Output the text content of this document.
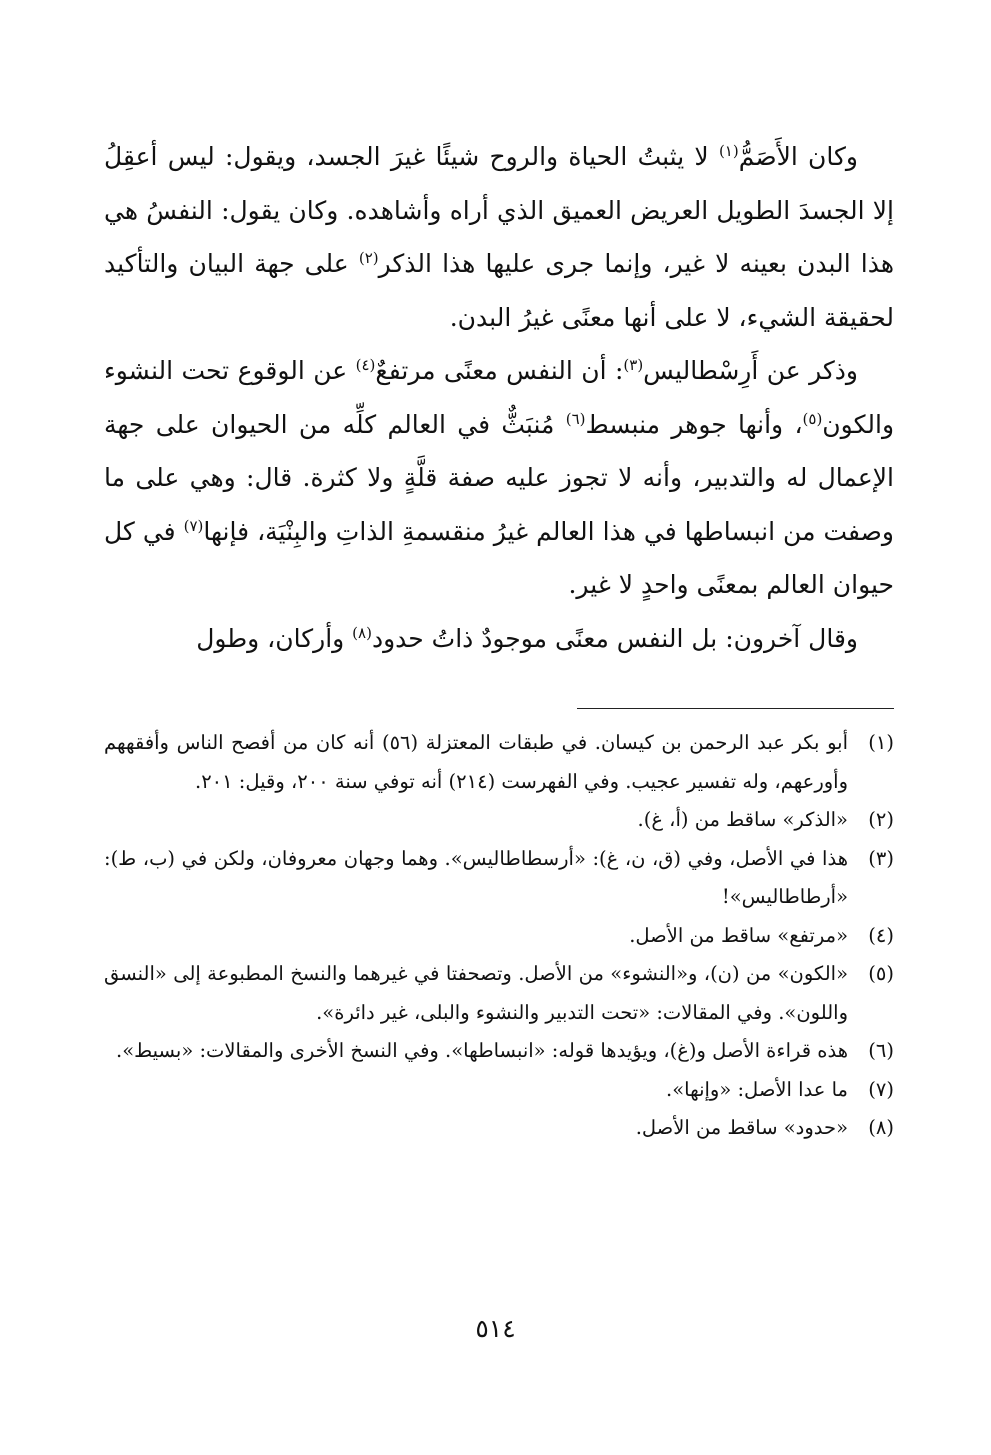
وكان الأَصَمُّ$^{(١)}$ لا يثبتُ الحياة والروح شيئًا غيرَ الجسد، ويقول: ليس أعقِلُ إلا الجسدَ الطويل العريض العميق الذي أراه وأشاهده. وكان يقول: النفسُ هي هذا البدن بعينه لا غير، وإنما جرى عليها هذا الذكر$^{(٢)}$ على جهة البيان والتأكيد لحقيقة الشيء، لا على أنها معنًى غيرُ البدن.

وذكر عن أَرِسْطاليس$^{(٣)}$: أن النفس معنًى مرتفعٌ$^{(٤)}$ عن الوقوع تحت النشوء والكون$^{(٥)}$، وأنها جوهر منبسط$^{(٦)}$ مُنبَثٌّ في العالم كلِّه من الحيوان على جهة الإعمال له والتدبير، وأنه لا تجوز عليه صفة قلَّةٍ ولا كثرة. قال: وهي على ما وصفت من انبساطها في هذا العالم غيرُ منقسمةِ الذاتِ والبِنْيَة، فإنها$^{(٧)}$ في كل حيوان العالم بمعنًى واحدٍ لا غير.

وقال آخرون: بل النفس معنًى موجودٌ ذاتُ حدود$^{(٨)}$ وأركان، وطول

(١)
أبو بكر عبد الرحمن بن كيسان. في طبقات المعتزلة (٥٦) أنه كان من أفصح الناس وأفقههم وأورعهم، وله تفسير عجيب. وفي الفهرست (٢١٤) أنه توفي سنة ٢٠٠، وقيل: ٢٠١.
(٢)
«الذكر» ساقط من (أ، غ).
(٣)
هذا في الأصل، وفي (ق، ن، غ): «أرسطاطاليس». وهما وجهان معروفان، ولكن في (ب، ط): «أرطاطاليس»!
(٤)
«مرتفع» ساقط من الأصل.
(٥)
«الكون» من (ن)، و«النشوء» من الأصل. وتصحفتا في غيرهما والنسخ المطبوعة إلى «النسق واللون». وفي المقالات: «تحت التدبير والنشوء والبلى، غير دائرة».
(٦)
هذه قراءة الأصل و(غ)، ويؤيدها قوله: «انبساطها». وفي النسخ الأخرى والمقالات: «بسيط».
(٧)
ما عدا الأصل: «وإنها».
(٨)
«حدود» ساقط من الأصل.
٥١٤
